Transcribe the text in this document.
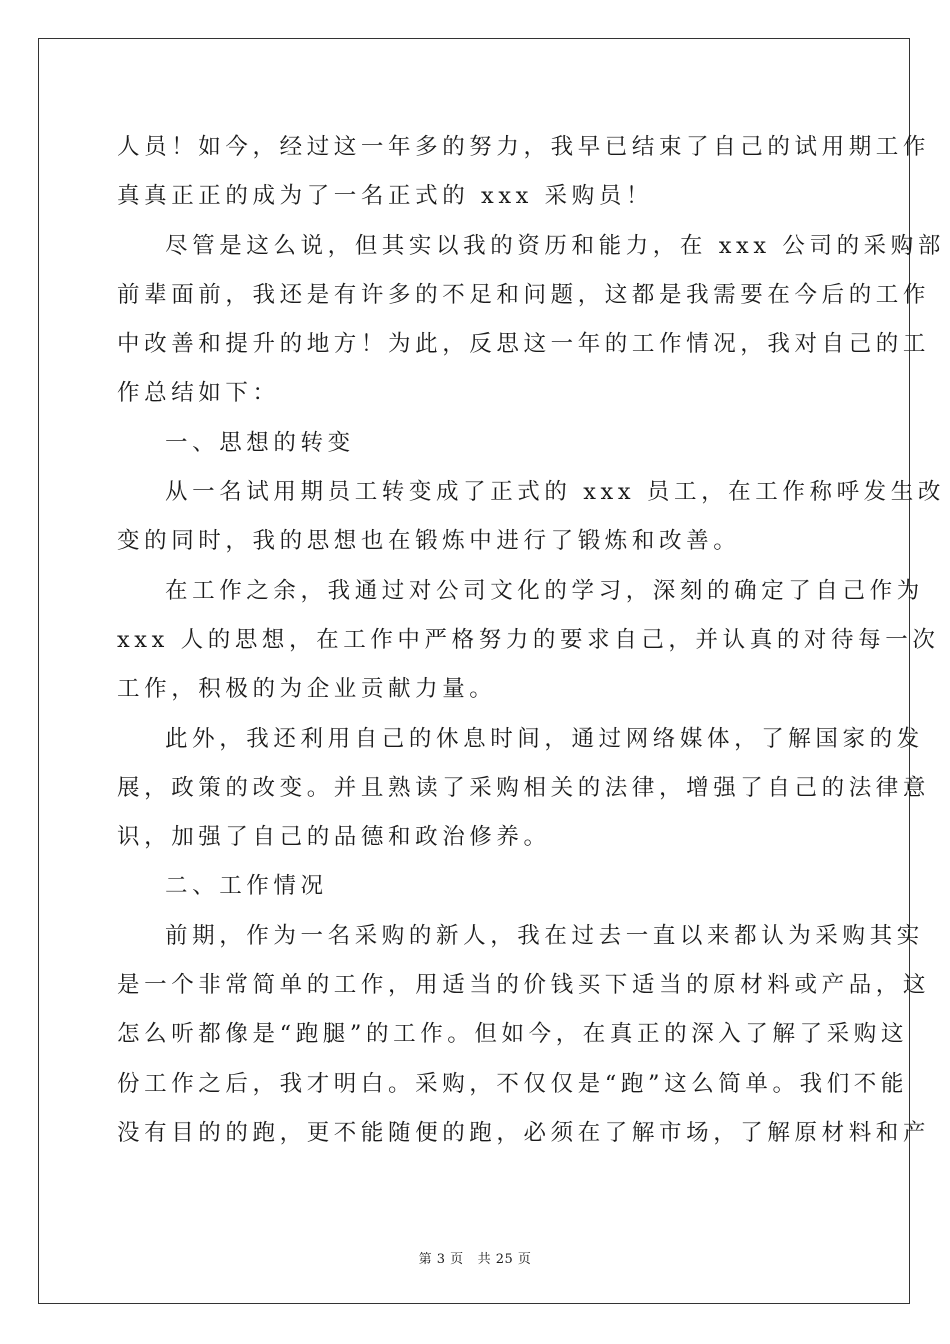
人员！如今，经过这一年多的努力，我早已结束了自己的试用期工作
真真正正的成为了一名正式的 xxx 采购员！
尽管是这么说，但其实以我的资历和能力，在 xxx 公司的采购部
前辈面前，我还是有许多的不足和问题，这都是我需要在今后的工作
中改善和提升的地方！为此，反思这一年的工作情况，我对自己的工
作总结如下：
一、思想的转变
从一名试用期员工转变成了正式的 xxx 员工，在工作称呼发生改
变的同时，我的思想也在锻炼中进行了锻炼和改善。
在工作之余，我通过对公司文化的学习，深刻的确定了自己作为
xxx 人的思想，在工作中严格努力的要求自己，并认真的对待每一次
工作，积极的为企业贡献力量。
此外，我还利用自己的休息时间，通过网络媒体，了解国家的发
展，政策的改变。并且熟读了采购相关的法律，增强了自己的法律意
识，加强了自己的品德和政治修养。
二、工作情况
前期，作为一名采购的新人，我在过去一直以来都认为采购其实
是一个非常简单的工作，用适当的价钱买下适当的原材料或产品，这
怎么听都像是“跑腿”的工作。但如今，在真正的深入了解了采购这
份工作之后，我才明白。采购，不仅仅是“跑”这么简单。我们不能
没有目的的跑，更不能随便的跑，必须在了解市场，了解原材料和产
第 3 页 共 25 页
